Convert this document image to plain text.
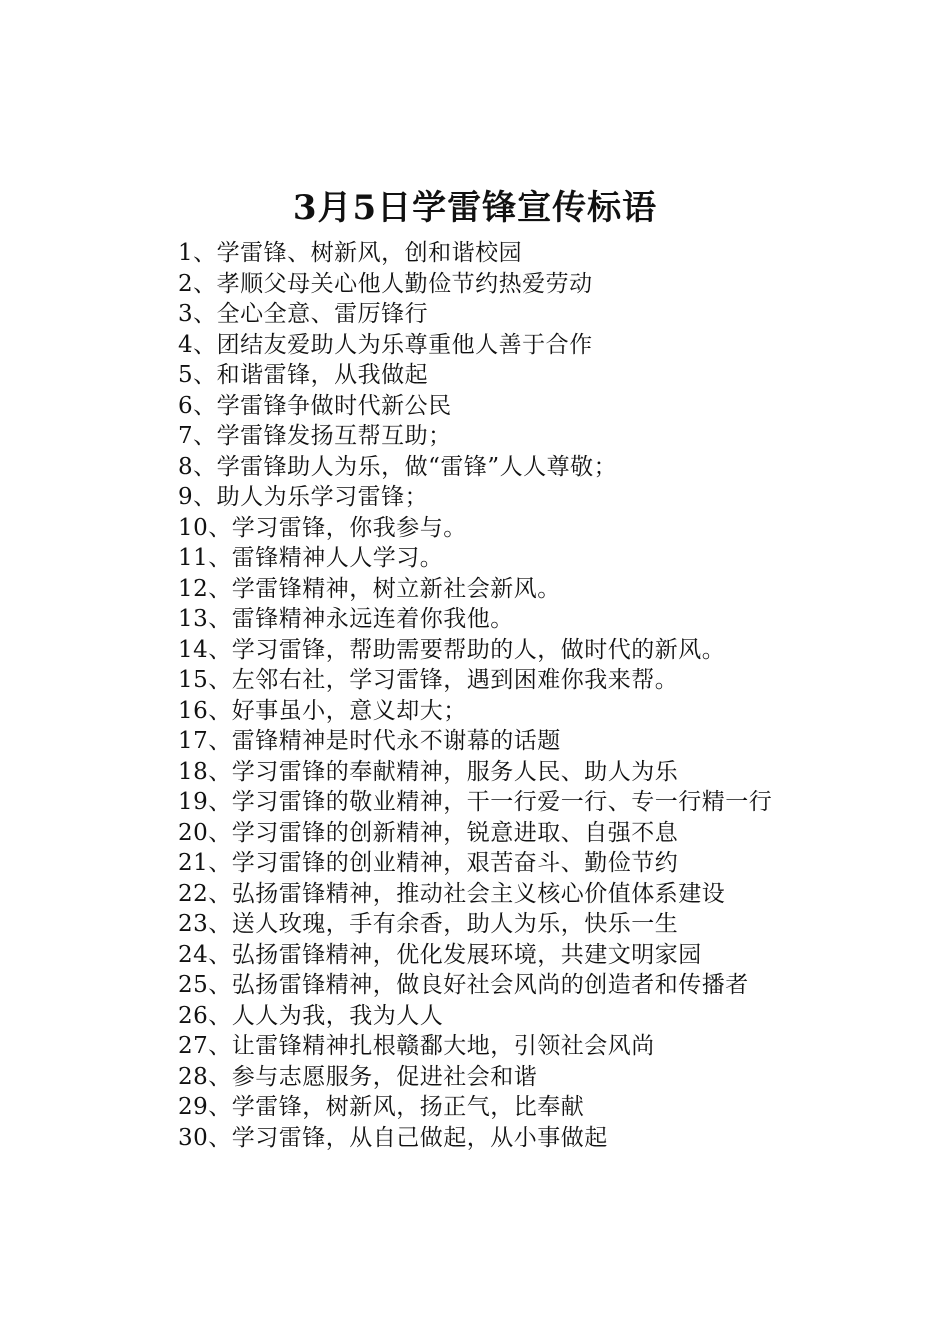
3月5日学雷锋宣传标语
1、学雷锋、树新风，创和谐校园
2、孝顺父母关心他人勤俭节约热爱劳动
3、全心全意、雷厉锋行
4、团结友爱助人为乐尊重他人善于合作
5、和谐雷锋，从我做起
6、学雷锋争做时代新公民
7、学雷锋发扬互帮互助；
8、学雷锋助人为乐，做“雷锋”人人尊敬；
9、助人为乐学习雷锋；
10、学习雷锋，你我参与。
11、雷锋精神人人学习。
12、学雷锋精神，树立新社会新风。
13、雷锋精神永远连着你我他。
14、学习雷锋，帮助需要帮助的人，做时代的新风。
15、左邻右社，学习雷锋，遇到困难你我来帮。
16、好事虽小，意义却大；
17、雷锋精神是时代永不谢幕的话题
18、学习雷锋的奉献精神，服务人民、助人为乐
19、学习雷锋的敬业精神，干一行爱一行、专一行精一行
20、学习雷锋的创新精神，锐意进取、自强不息
21、学习雷锋的创业精神，艰苦奋斗、勤俭节约
22、弘扬雷锋精神，推动社会主义核心价值体系建设
23、送人玫瑰，手有余香，助人为乐，快乐一生
24、弘扬雷锋精神，优化发展环境，共建文明家园
25、弘扬雷锋精神，做良好社会风尚的创造者和传播者
26、人人为我，我为人人
27、让雷锋精神扎根赣鄱大地，引领社会风尚
28、参与志愿服务，促进社会和谐
29、学雷锋，树新风，扬正气，比奉献
30、学习雷锋，从自己做起，从小事做起
